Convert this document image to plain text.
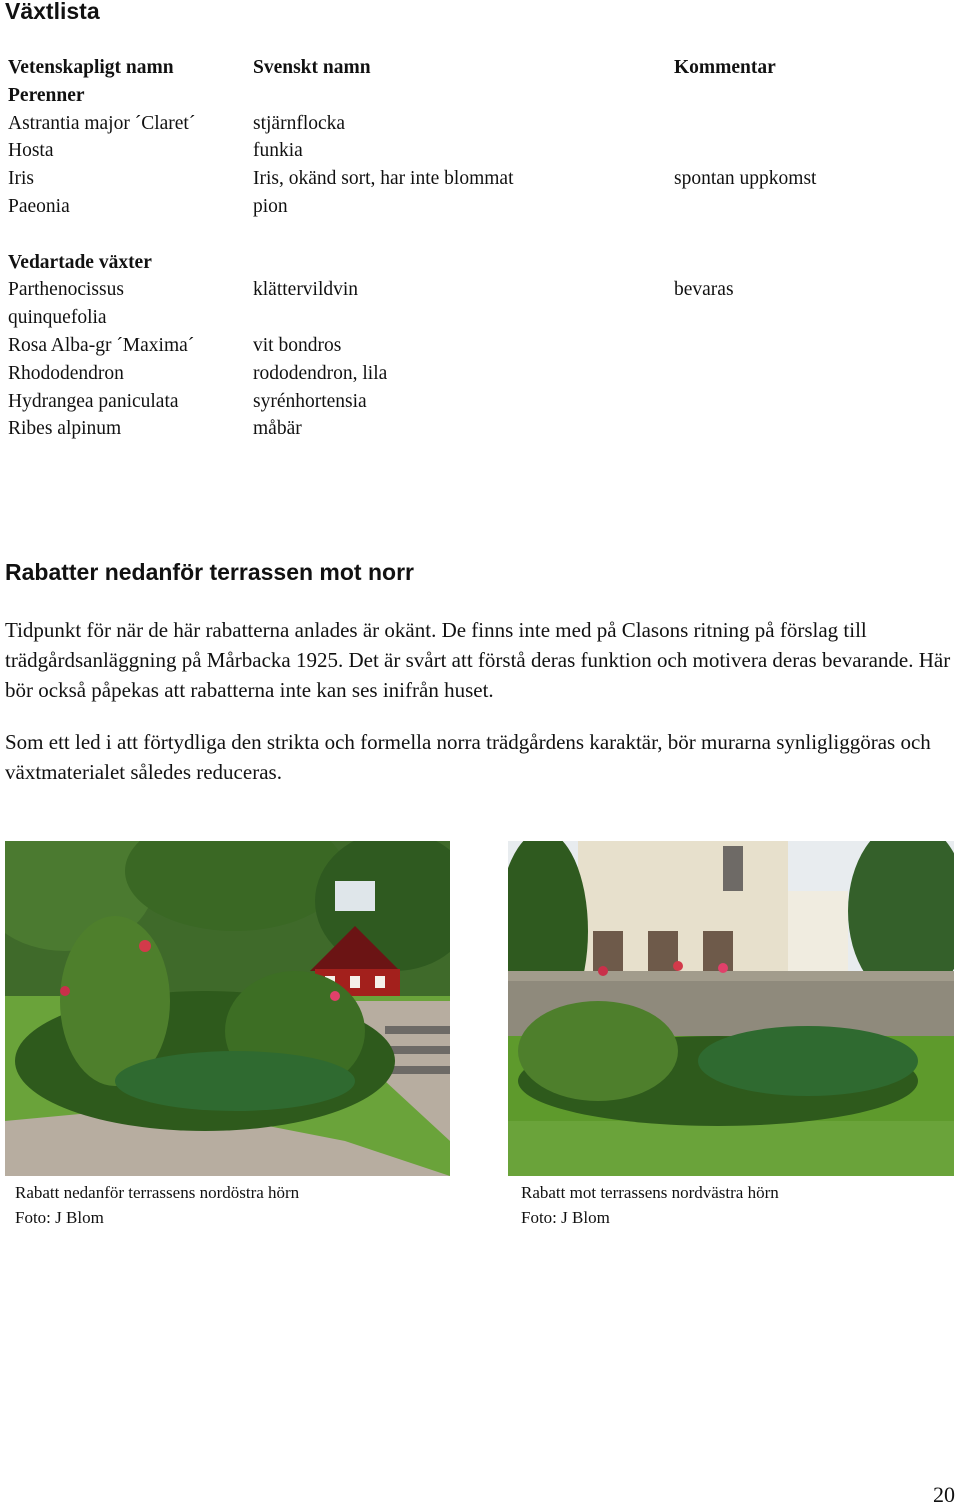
Växtlista
Vetenskapligt namn	Svenskt namn	Kommentar
Perenner		
Astrantia major ´Claret´	stjärnflocka	
Hosta	funkia	
Iris	Iris, okänd sort, har inte blommat	spontan uppkomst
Paeonia	pion	

Vedartade växter		
Parthenocissus	klättervildvin	bevaras
quinquefolia		
Rosa Alba-gr ´Maxima´	vit bondros	
Rhododendron	rododendron, lila	
Hydrangea paniculata	syrénhortensia	
Ribes alpinum	måbär	
Rabatter nedanför terrassen mot norr

Tidpunkt för när de här rabatterna anlades är okänt. De finns inte med på Clasons ritning på förslag till trädgårdsanläggning på Mårbacka 1925. Det är svårt att förstå deras funktion och motivera deras bevarande. Här bör också påpekas att rabatterna inte kan ses inifrån huset.

Som ett led i att förtydliga den strikta och formella norra trädgårdens karaktär, bör murarna synligliggöras och växtmaterialet således reduceras.

Rabatt nedanför terrassens nordöstra hörn
Foto: J Blom
Rabatt mot terrassens nordvästra hörn
Foto: J Blom
20
